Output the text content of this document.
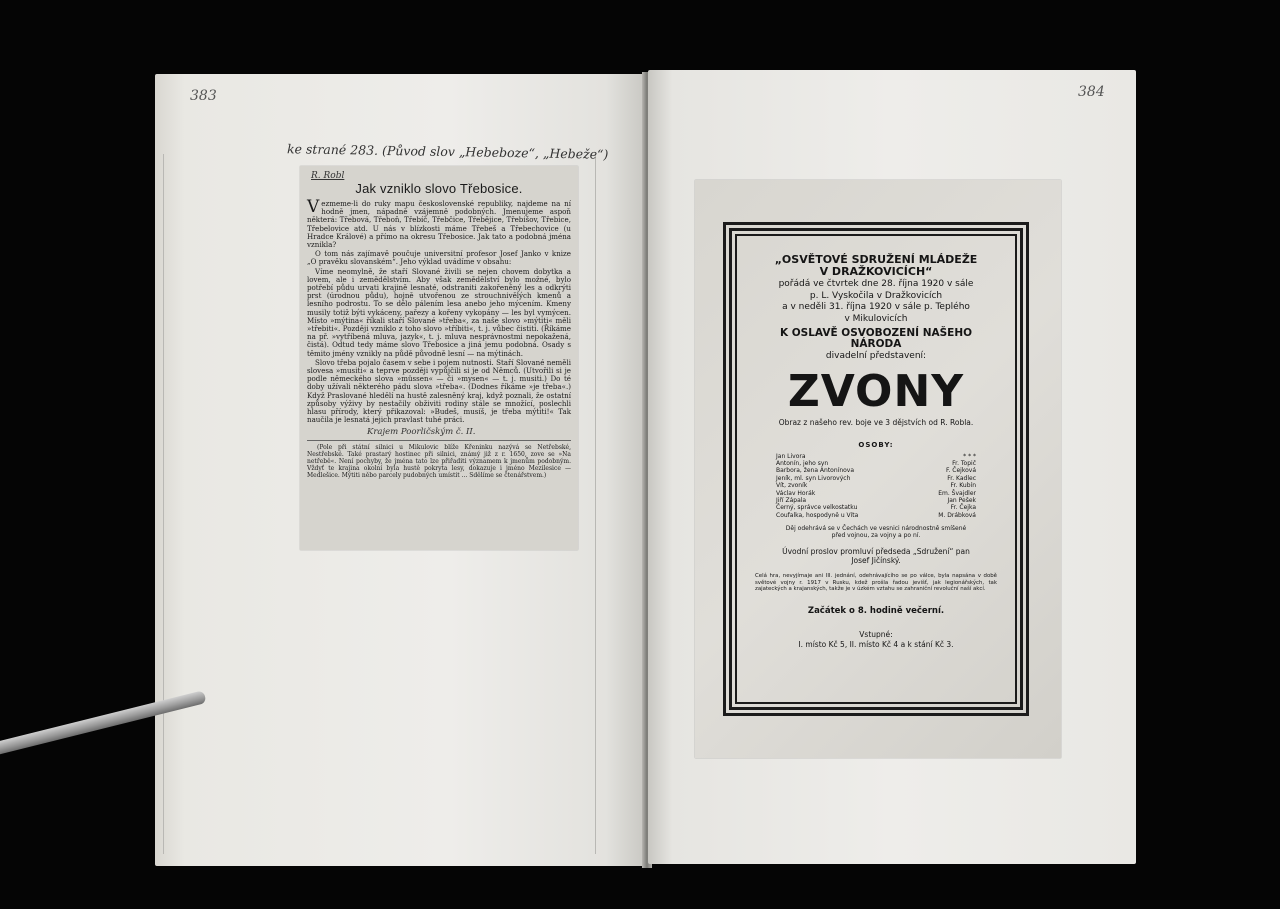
383
ke strané 283. (Původ slov „Hebeboze“, „Hebeže“)
R. Robl
Jak vzniklo slovo Třebosice.

Vezmeme-li do ruky mapu československé republiky, najdeme na ní hodně jmen, nápadně vzájemně podobných. Jmenujeme aspoň některá: Třebová, Třeboň, Třebíč, Třebčice, Třebějice, Třebišov, Třebice, Třebelovice atd. U nás v blízkosti máme Třebeš a Třebechovice (u Hradce Králové) a přímo na okresu Třebosice. Jak tato a podobná jména vznikla?

O tom nás zajímavě poučuje universitní profesor Josef Janko v knize „O pravěku slovanském“. Jeho výklad uvádíme v obsahu:

Víme neomylně, že staří Slované živili se nejen chovem dobytka a lovem, ale i zemědělstvím. Aby však zemědělství bylo možné, bylo potřebí půdu urvati krajině lesnaté, odstraniti zakořeněný les a odkrýti prst (úrodnou půdu), hojně utvořenou ze strouchnivělých kmenů a lesního podrostu. To se dělo pálením lesa anebo jeho mýcením. Kmeny musily totiž býti vykáceny, pařezy a kořeny vykopány — les byl vymýcen. Místo »mýtina« říkali staří Slované »třeba«, za naše slovo »mýtiti« měli »třebiti«. Později vzniklo z toho slovo »tříbiti«, t. j. vůbec čistiti. (Říkáme na př. »vytříbená mluva, jazyk«, t. j. mluva nesprávnostmi nepokažená, čistá). Odtud tedy máme slovo Třebosice a jiná jemu podobná. Osady s těmito jmény vznikly na půdě původně lesní — na mýtinách.

Slovo třeba pojalo časem v sebe i pojem nutnosti. Staří Slované neměli slovesa »musiti« a teprve později vypůjčili si je od Němců. (Utvořili si je podle německého slova »müssen« — či »mysen« — t. j. musiti.) Do té doby užívali některého pádu slova »třeba«. (Dodnes říkáme »je třeba«.) Když Praslované hledělí na hustě zalesněný kraj, když poznali, že ostatní způsoby výživy by nestačily obživiti rodiny stále se množící, poslechli hlasu přírody, který přikazoval: »Budeš, musíš, je třeba mýtiti!« Tak naučila je lesnatá jejich pravlast tuhé práci.

Krajem Poorličským č. II.

(Pole při státní silnici u Mikulovic blíže Křeninku nazývá se Netřebské, Nestřebské. Také prastarý hostinec při silnici, známý již z r. 1650, zove se »Na netřebě«. Není pochyby, že jména tato lze přiřaditi významem k jmenům podobným. Vždyť te krajina okolní byla hustě pokryta lesy, dokazuje i jméno Mezilesice — Medlešice. Mýtiti něbo parcely pudobných umístit ... Sdělíme se čtenářstvem.)

384
„OSVĚTOVÉ SDRUŽENÍ MLÁDEŽE
V DRAŽKOVICÍCH“
pořádá ve čtvrtek dne 28. října 1920 v sále
p. L. Vyskočila v Dražkovicích
a v neděli 31. října 1920 v sále p. Teplého
v Mikulovicích
K OSLAVĚ OSVOBOZENÍ NAŠEHO
NÁRODA
divadelní představení:
ZVONY
Obraz z našeho rev. boje ve 3 dějstvích od R. Robla.
OSOBY:
Jan Livora	* * *
Antonín, jeho syn	Fr. Topič
Barbora, žena Antonínova	F. Čejková
Jeník, ml. syn Livorových	Fr. Kadlec
Vít, zvoník	Fr. Kubín
Václav Horák	Em. Švajdler
Jiří Zápala	Jan Pešek
Černý, správce velkostatku	Fr. Čejka
Coufalka, hospodyně u Víta	M. Drábková
Děj odehrává se v Čechách ve vesnici národnostně smíšené
před vojnou, za vojny a po ní.
Úvodní proslov promluví předseda „Sdružení“ pan
Josef Jičínský.
Celá hra, nevyjímaje ani III. jednání, odehrávajícího se po válce, byla napsána v době světové vojny r. 1917 v Rusku, kdež prošla řadou jevišť, jak legionářských, tak zajateckých a krajanských, takže je v úzkém vztahu se zahraniční revoluční naší akcí.
Začátek o 8. hodině večerní.
Vstupné:
I. místo Kč 5, II. místo Kč 4 a k stání Kč 3.
